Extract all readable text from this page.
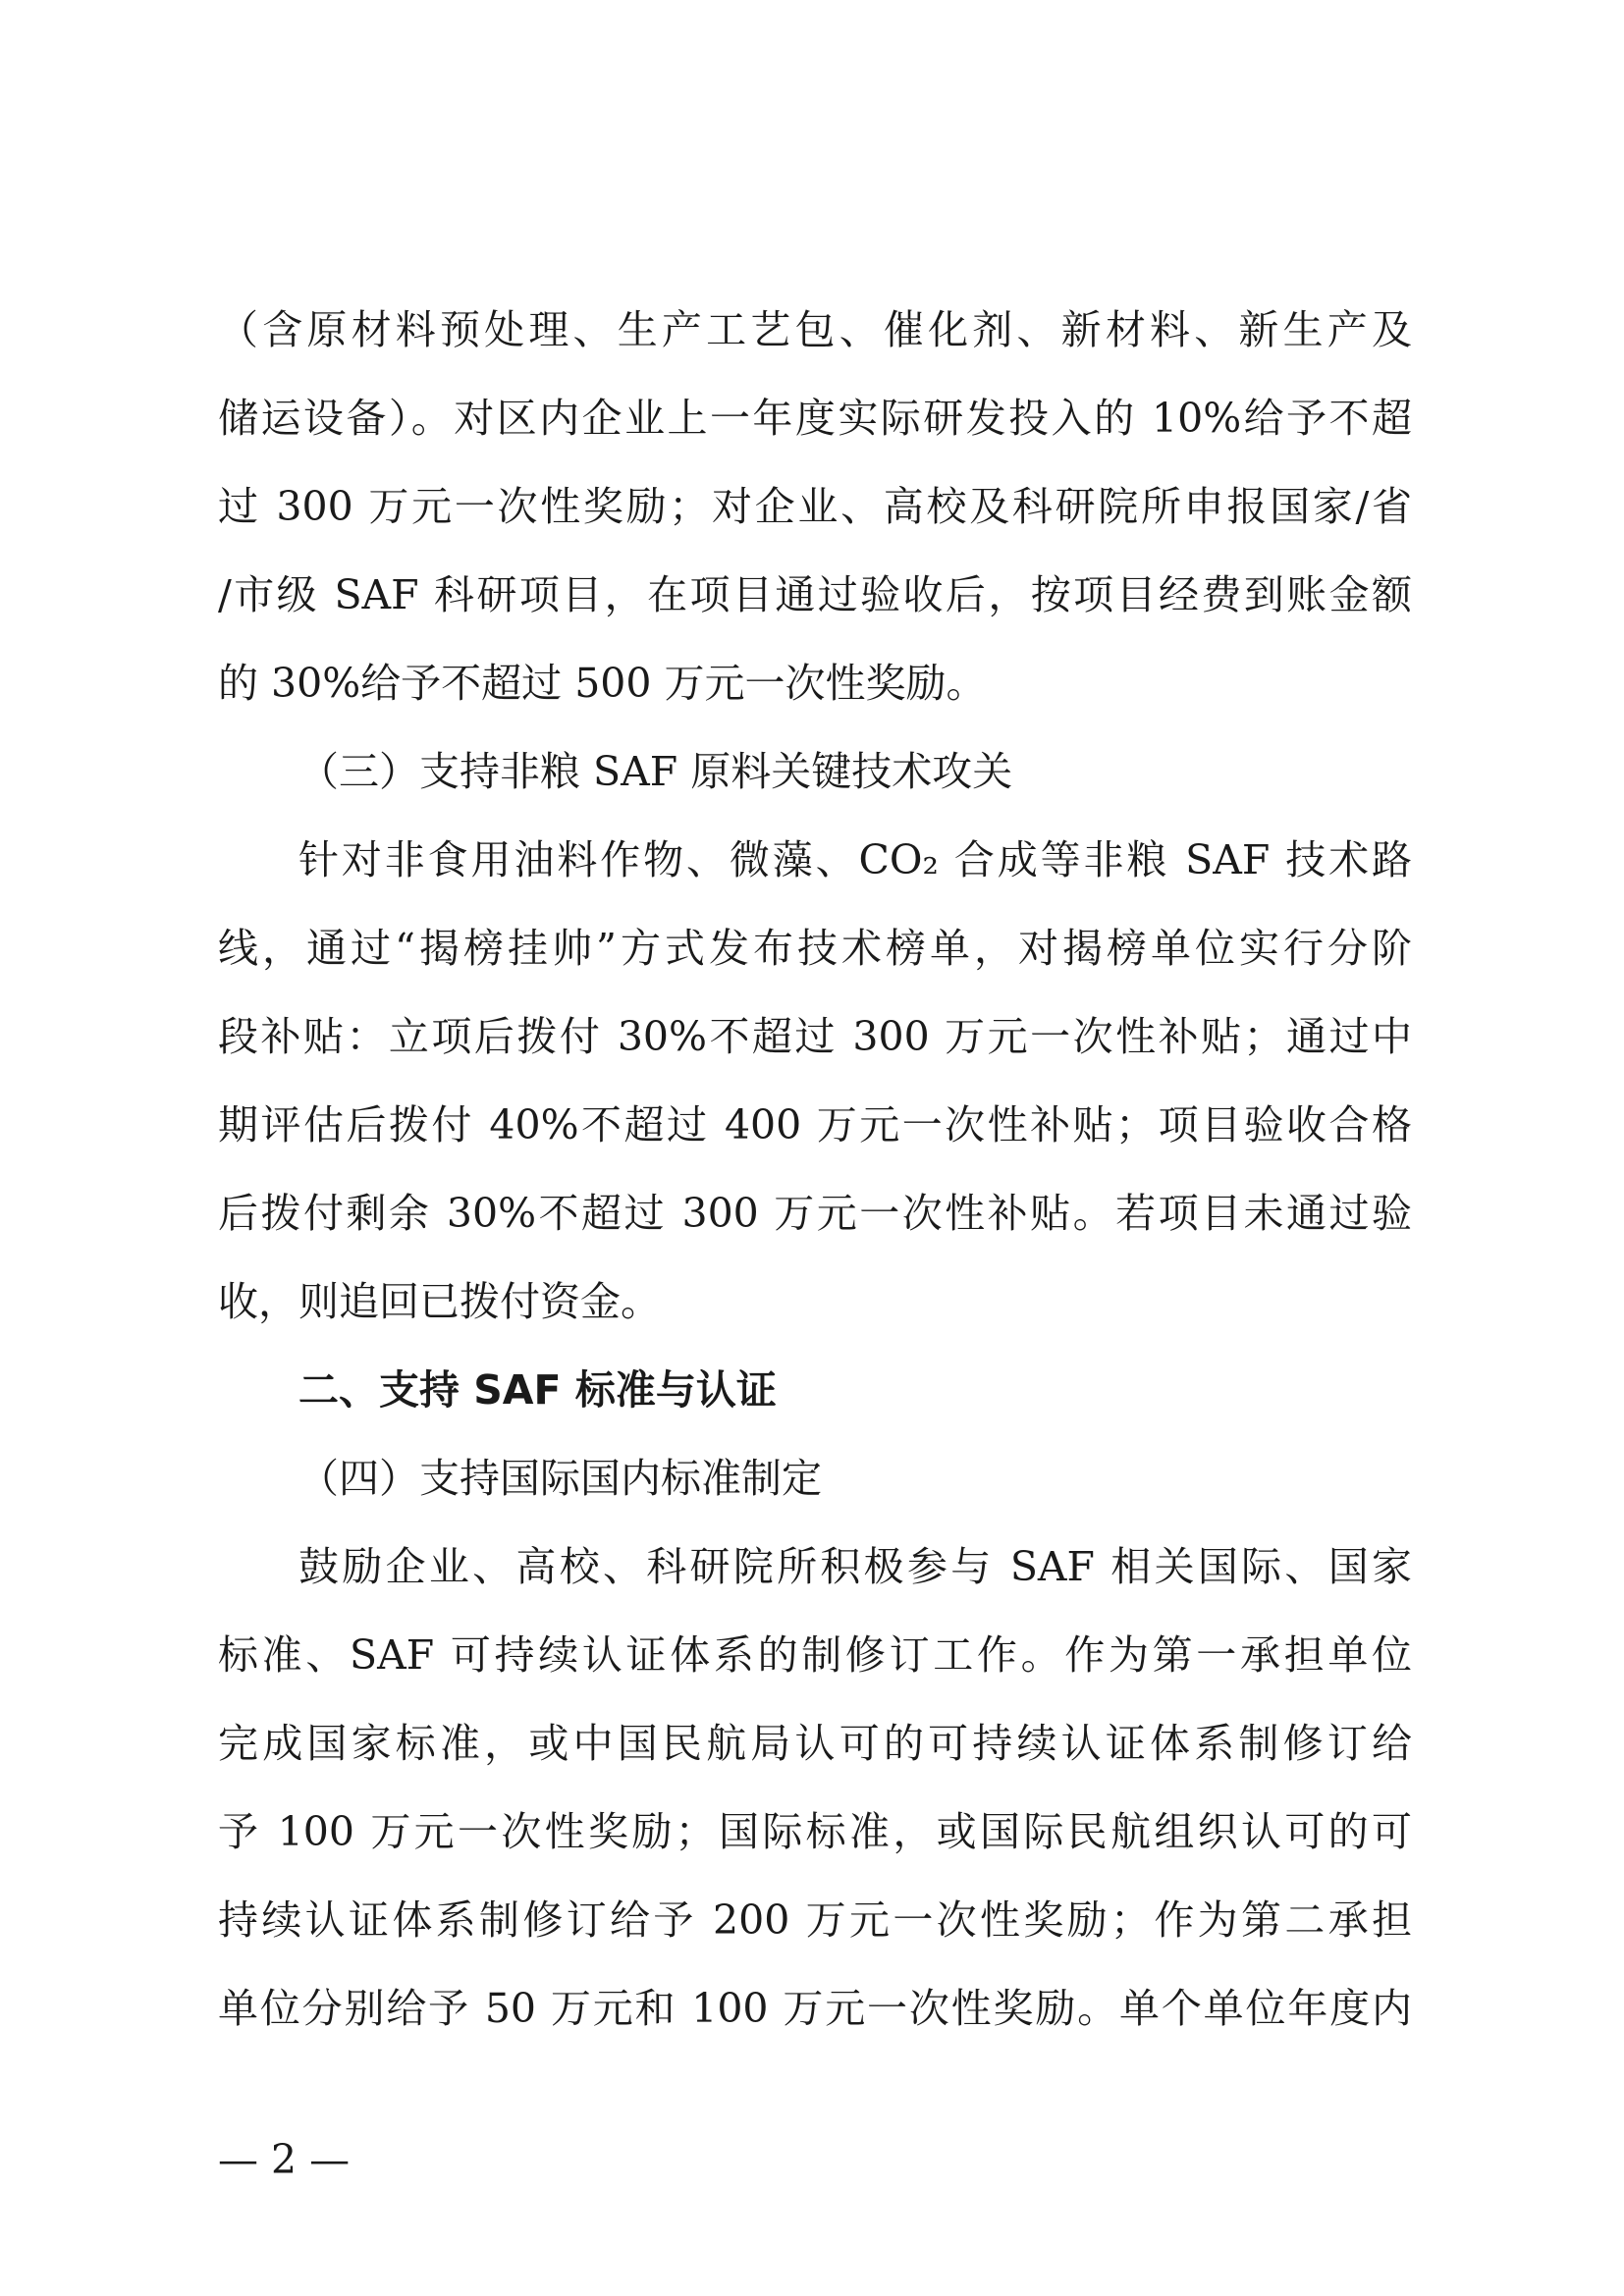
（含原材料预处理、生产工艺包、催化剂、新材料、新生产及
储运设备）。对区内企业上一年度实际研发投入的 10%给予不超
过 300 万元一次性奖励；对企业、高校及科研院所申报国家/省
/市级 SAF 科研项目，在项目通过验收后，按项目经费到账金额
的 30%给予不超过 500 万元一次性奖励。
（三）支持非粮 SAF 原料关键技术攻关
针对非食用油料作物、微藻、CO₂ 合成等非粮 SAF 技术路
线，通过“揭榜挂帅”方式发布技术榜单，对揭榜单位实行分阶
段补贴：立项后拨付 30%不超过 300 万元一次性补贴；通过中
期评估后拨付 40%不超过 400 万元一次性补贴；项目验收合格
后拨付剩余 30%不超过 300 万元一次性补贴。若项目未通过验
收，则追回已拨付资金。
二、支持 SAF 标准与认证
（四）支持国际国内标准制定
鼓励企业、高校、科研院所积极参与 SAF 相关国际、国家
标准、SAF 可持续认证体系的制修订工作。作为第一承担单位
完成国家标准，或中国民航局认可的可持续认证体系制修订给
予 100 万元一次性奖励；国际标准，或国际民航组织认可的可
持续认证体系制修订给予 200 万元一次性奖励；作为第二承担
单位分别给予 50 万元和 100 万元一次性奖励。单个单位年度内
— 2 —
